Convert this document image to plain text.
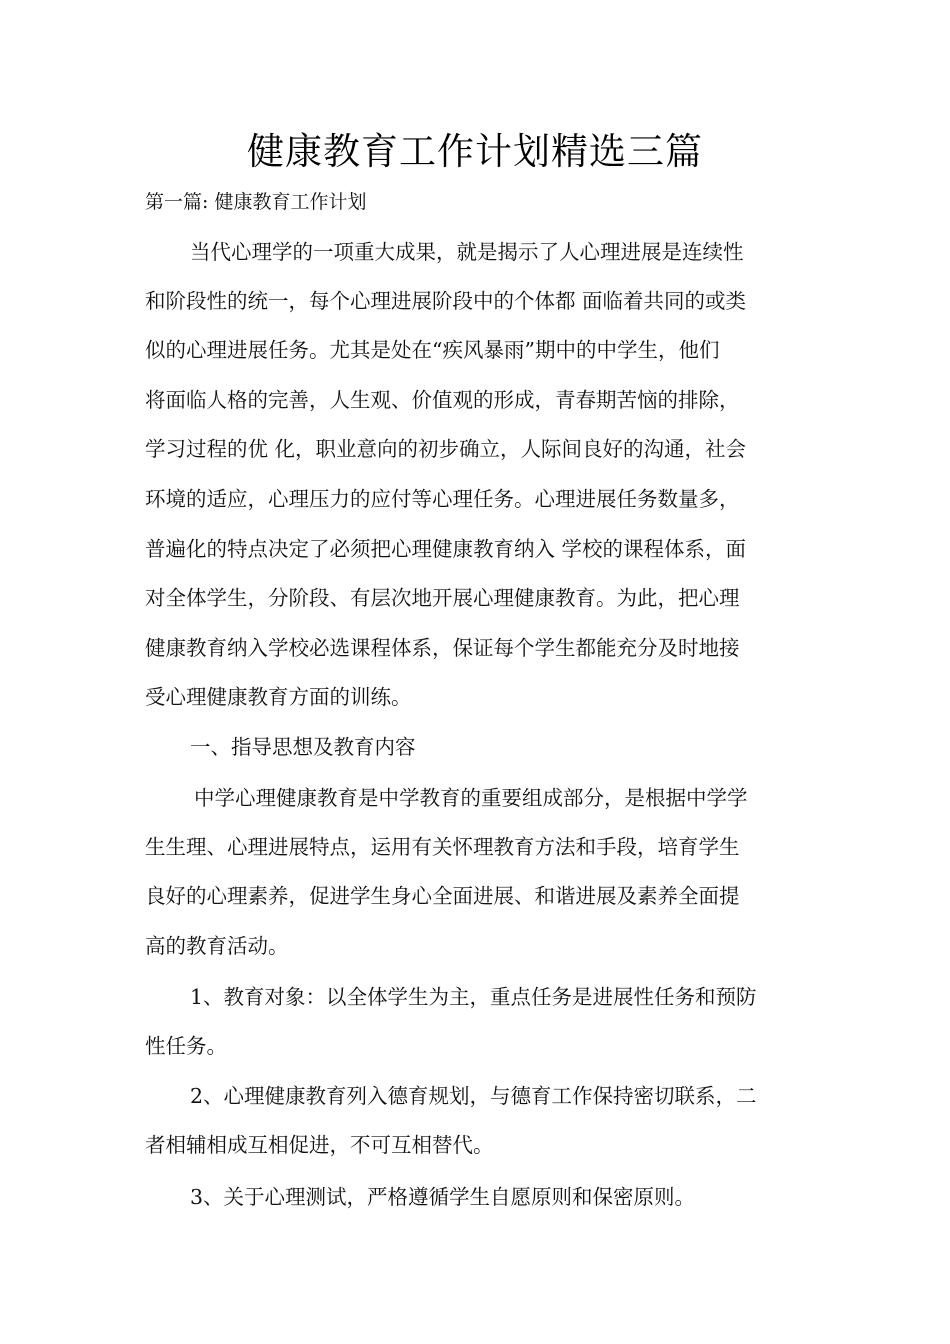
健康教育工作计划精选三篇
第一篇: 健康教育工作计划
当代心理学的一项重大成果，就是揭示了人心理进展是连续性
和阶段性的统一，每个心理进展阶段中的个体都 面临着共同的或类
似的心理进展任务。尤其是处在“疾风暴雨”期中的中学生，他们
将面临人格的完善，人生观、价值观的形成，青春期苦恼的排除，
学习过程的优 化，职业意向的初步确立，人际间良好的沟通，社会
环境的适应，心理压力的应付等心理任务。心理进展任务数量多，
普遍化的特点决定了必须把心理健康教育纳入 学校的课程体系，面
对全体学生，分阶段、有层次地开展心理健康教育。为此，把心理
健康教育纳入学校必选课程体系，保证每个学生都能充分及时地接
受心理健康教育方面的训练。
一、指导思想及教育内容
中学心理健康教育是中学教育的重要组成部分，是根据中学学
生生理、心理进展特点，运用有关怀理教育方法和手段，培育学生
良好的心理素养，促进学生身心全面进展、和谐进展及素养全面提
高的教育活动。
1、教育对象：以全体学生为主，重点任务是进展性任务和预防
性任务。
2、心理健康教育列入德育规划，与德育工作保持密切联系，二
者相辅相成互相促进，不可互相替代。
3、关于心理测试，严格遵循学生自愿原则和保密原则。
